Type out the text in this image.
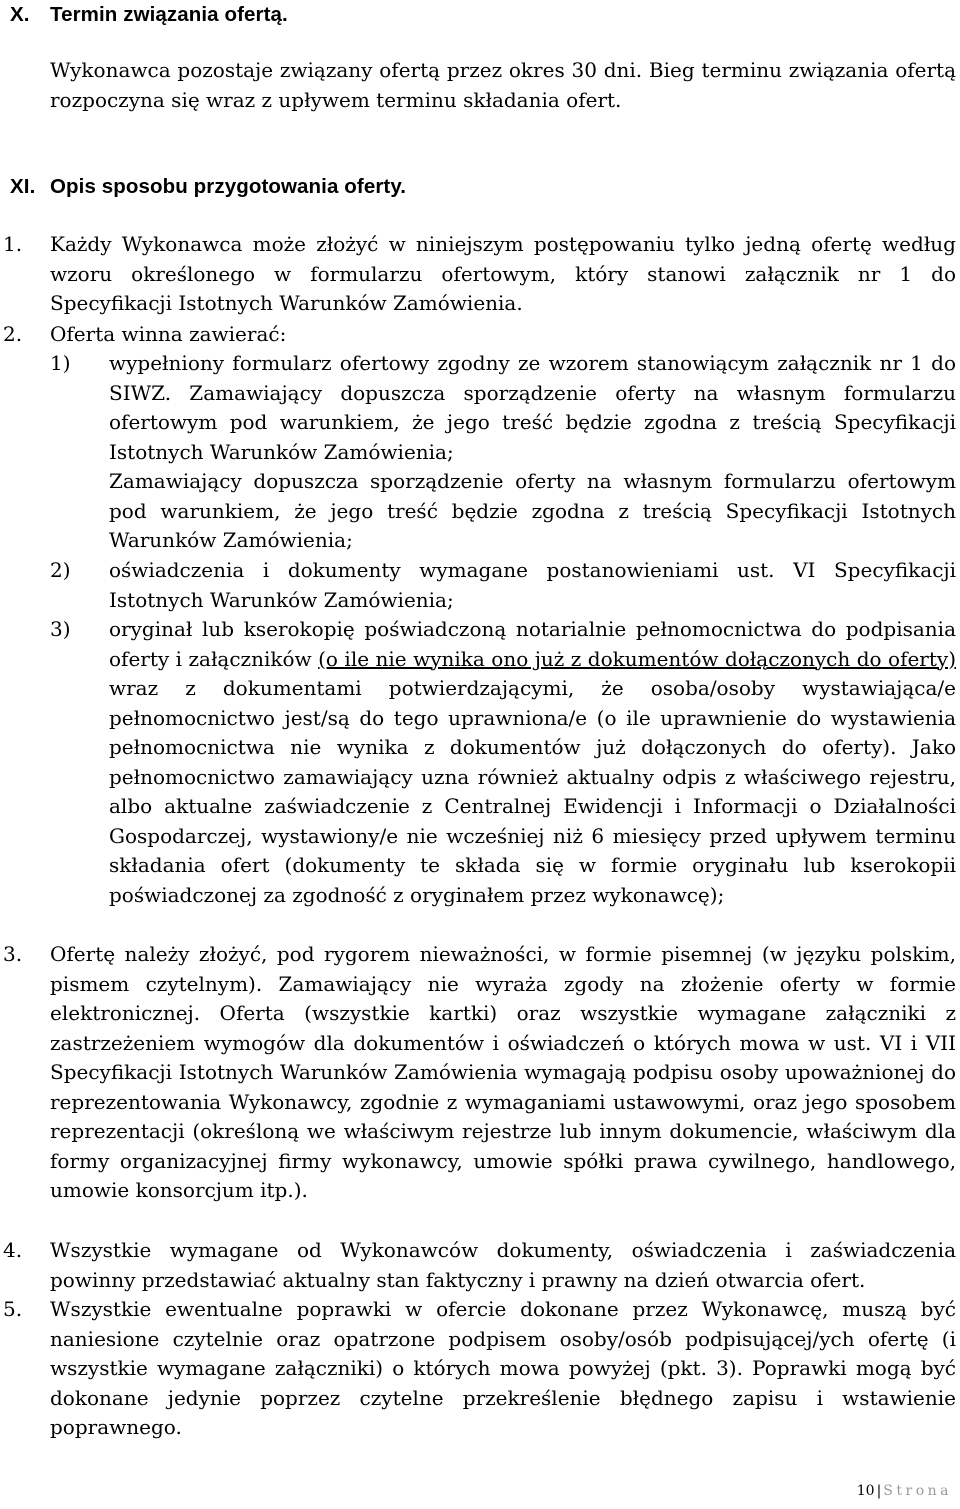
X. Termin związania ofertą.

Wykonawca pozostaje związany ofertą przez okres 30 dni. Bieg terminu związania ofertą rozpoczyna się wraz z upływem terminu składania ofert.

XI. Opis sposobu przygotowania oferty.
1. Każdy Wykonawca może złożyć w niniejszym postępowaniu tylko jedną ofertę według wzoru określonego w formularzu ofertowym, który stanowi załącznik nr 1 do Specyfikacji Istotnych Warunków Zamówienia.
2. Oferta winna zawierać:
1) wypełniony formularz ofertowy zgodny ze wzorem stanowiącym załącznik nr 1 do SIWZ. Zamawiający dopuszcza sporządzenie oferty na własnym formularzu ofertowym pod warunkiem, że jego treść będzie zgodna z treścią Specyfikacji Istotnych Warunków Zamówienia;
Zamawiający dopuszcza sporządzenie oferty na własnym formularzu ofertowym pod warunkiem, że jego treść będzie zgodna z treścią Specyfikacji Istotnych Warunków Zamówienia;
2) oświadczenia i dokumenty wymagane postanowieniami ust. VI Specyfikacji Istotnych Warunków Zamówienia;
3) oryginał lub kserokopię poświadczoną notarialnie pełnomocnictwa do podpisania oferty i załączników (o ile nie wynika ono już z dokumentów dołączonych do oferty) wraz z dokumentami potwierdzającymi, że osoba/osoby wystawiająca/e pełnomocnictwo jest/są do tego uprawniona/e (o ile uprawnienie do wystawienia pełnomocnictwa nie wynika z dokumentów już dołączonych do oferty). Jako pełnomocnictwo zamawiający uzna również aktualny odpis z właściwego rejestru, albo aktualne zaświadczenie z Centralnej Ewidencji i Informacji o Działalności Gospodarczej, wystawiony/e nie wcześniej niż 6 miesięcy przed upływem terminu składania ofert (dokumenty te składa się w formie oryginału lub kserokopii poświadczonej za zgodność z oryginałem przez wykonawcę);
3. Ofertę należy złożyć, pod rygorem nieważności, w formie pisemnej (w języku polskim, pismem czytelnym). Zamawiający nie wyraża zgody na złożenie oferty w formie elektronicznej. Oferta (wszystkie kartki) oraz wszystkie wymagane załączniki z zastrzeżeniem wymogów dla dokumentów i oświadczeń o których mowa w ust. VI i VII Specyfikacji Istotnych Warunków Zamówienia wymagają podpisu osoby upoważnionej do reprezentowania Wykonawcy, zgodnie z wymaganiami ustawowymi, oraz jego sposobem reprezentacji (określoną we właściwym rejestrze lub innym dokumencie, właściwym dla formy organizacyjnej firmy wykonawcy, umowie spółki prawa cywilnego, handlowego, umowie konsorcjum itp.).
4. Wszystkie wymagane od Wykonawców dokumenty, oświadczenia i zaświadczenia powinny przedstawiać aktualny stan faktyczny i prawny na dzień otwarcia ofert.
5. Wszystkie ewentualne poprawki w ofercie dokonane przez Wykonawcę, muszą być naniesione czytelnie oraz opatrzone podpisem osoby/osób podpisującej/ych ofertę (i wszystkie wymagane załączniki) o których mowa powyżej (pkt. 3). Poprawki mogą być dokonane jedynie poprzez czytelne przekreślenie błędnego zapisu i wstawienie poprawnego.
10 | Strona
